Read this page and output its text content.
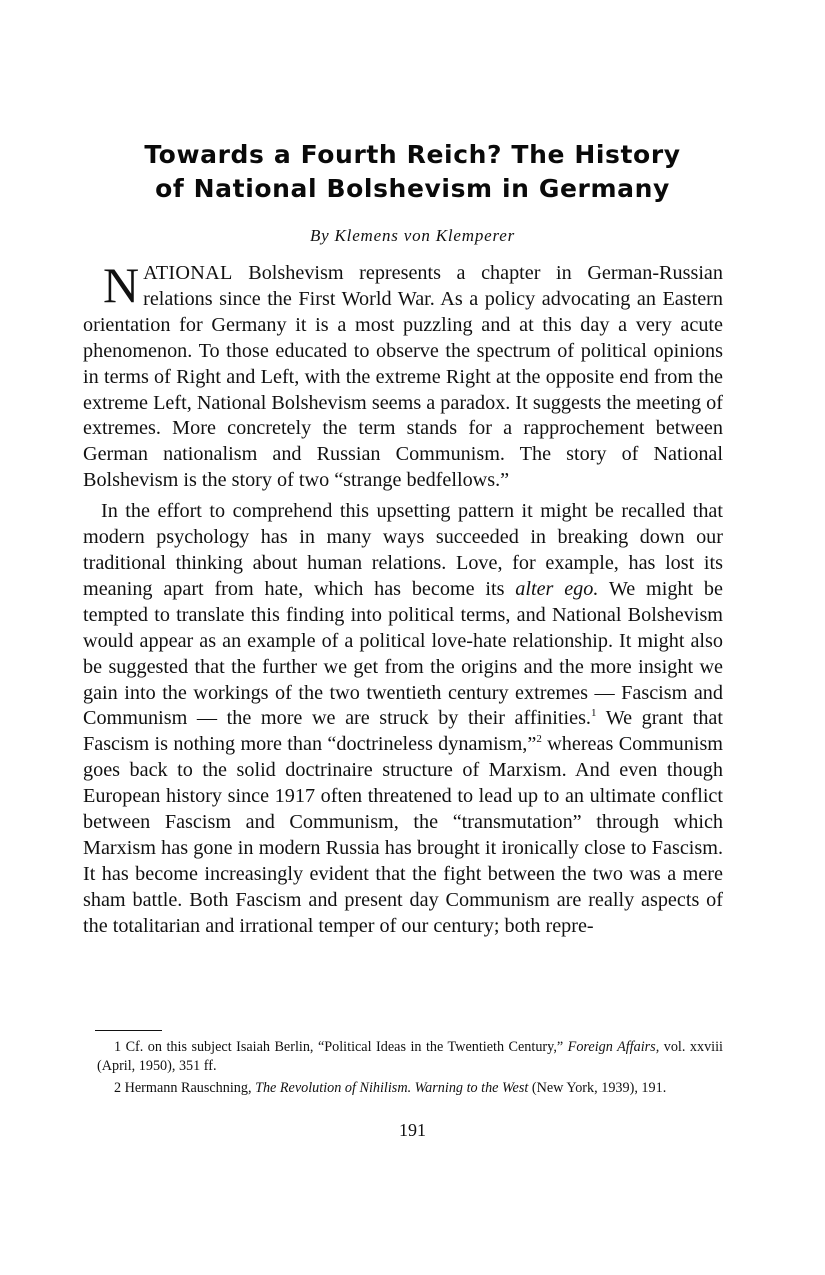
Towards a Fourth Reich? The History
of National Bolshevism in Germany
By Klemens von Klemperer

NATIONAL Bolshevism represents a chapter in German-Russian relations since the First World War. As a policy advocating an Eastern orientation for Germany it is a most puzzling and at this day a very acute phenomenon. To those educated to observe the spectrum of political opinions in terms of Right and Left, with the extreme Right at the opposite end from the extreme Left, National Bolshevism seems a paradox. It suggests the meeting of extremes. More concretely the term stands for a rapprochement between German nationalism and Russian Communism. The story of National Bolshevism is the story of two “strange bedfellows.”

In the effort to comprehend this upsetting pattern it might be recalled that modern psychology has in many ways succeeded in breaking down our traditional thinking about human relations. Love, for example, has lost its meaning apart from hate, which has become its alter ego. We might be tempted to translate this finding into political terms, and National Bolshevism would appear as an example of a political love-hate relationship. It might also be suggested that the further we get from the origins and the more insight we gain into the workings of the two twentieth century extremes — Fascism and Communism — the more we are struck by their affinities.$^1$ We grant that Fascism is nothing more than “doctrineless dynamism,”$^2$ whereas Communism goes back to the solid doctrinaire structure of Marxism. And even though European history since 1917 often threatened to lead up to an ultimate conflict between Fascism and Communism, the “transmutation” through which Marxism has gone in modern Russia has brought it ironically close to Fascism. It has become increasingly evident that the fight between the two was a mere sham battle. Both Fascism and present day Communism are really aspects of the totalitarian and irrational temper of our century; both repre-

1 Cf. on this subject Isaiah Berlin, “Political Ideas in the Twentieth Century,” Foreign Affairs, vol. xxviii (April, 1950), 351 ff.

2 Hermann Rauschning, The Revolution of Nihilism. Warning to the West (New York, 1939), 191.

191
